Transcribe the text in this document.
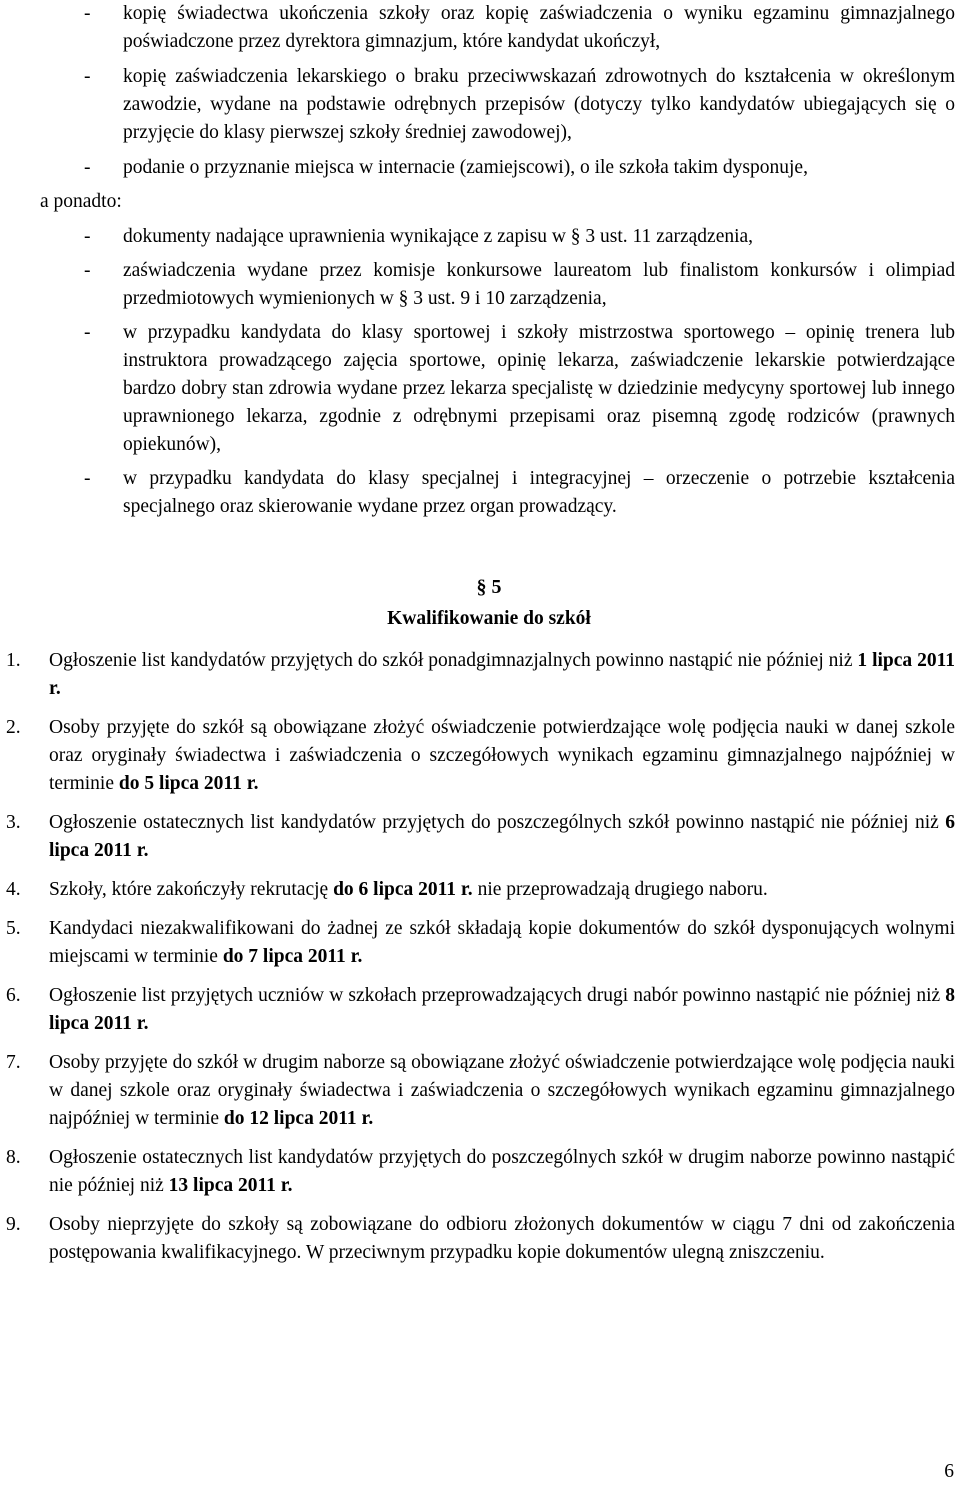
- kopię świadectwa ukończenia szkoły oraz kopię zaświadczenia o wyniku egzaminu gimnazjalnego poświadczone przez dyrektora gimnazjum, które kandydat ukończył,
- kopię zaświadczenia lekarskiego o braku przeciwwskazań zdrowotnych do kształcenia w określonym zawodzie, wydane na podstawie odrębnych przepisów (dotyczy tylko kandydatów ubiegających się o przyjęcie do klasy pierwszej szkoły średniej zawodowej),
- podanie o przyznanie miejsca w internacie (zamiejscowi), o ile szkoła takim dysponuje,
a ponadto:
- dokumenty nadające uprawnienia wynikające z zapisu w § 3 ust. 11 zarządzenia,
- zaświadczenia wydane przez komisje konkursowe laureatom lub finalistom konkursów i olimpiad przedmiotowych wymienionych w § 3 ust. 9 i 10 zarządzenia,
- w przypadku kandydata do klasy sportowej i szkoły mistrzostwa sportowego – opinię trenera lub instruktora prowadzącego zajęcia sportowe, opinię lekarza, zaświadczenie lekarskie potwierdzające bardzo dobry stan zdrowia wydane przez lekarza specjalistę w dziedzinie medycyny sportowej lub innego uprawnionego lekarza, zgodnie z odrębnymi przepisami oraz pisemną zgodę rodziców (prawnych opiekunów),
- w przypadku kandydata do klasy specjalnej i integracyjnej – orzeczenie o potrzebie kształcenia specjalnego oraz skierowanie wydane przez organ prowadzący.
§ 5
Kwalifikowanie do szkół
1. Ogłoszenie list kandydatów przyjętych do szkół ponadgimnazjalnych powinno nastąpić nie później niż 1 lipca 2011 r.
2. Osoby przyjęte do szkół są obowiązane złożyć oświadczenie potwierdzające wolę podjęcia nauki w danej szkole oraz oryginały świadectwa i zaświadczenia o szczegółowych wynikach egzaminu gimnazjalnego najpóźniej w terminie do 5 lipca 2011 r.
3. Ogłoszenie ostatecznych list kandydatów przyjętych do poszczególnych szkół powinno nastąpić nie później niż 6 lipca 2011 r.
4. Szkoły, które zakończyły rekrutację do 6 lipca 2011 r. nie przeprowadzają drugiego naboru.
5. Kandydaci niezakwalifikowani do żadnej ze szkół składają kopie dokumentów do szkół dysponujących wolnymi miejscami w terminie do 7 lipca 2011 r.
6. Ogłoszenie list przyjętych uczniów w szkołach przeprowadzających drugi nabór powinno nastąpić nie później niż 8 lipca 2011 r.
7. Osoby przyjęte do szkół w drugim naborze są obowiązane złożyć oświadczenie potwierdzające wolę podjęcia nauki w danej szkole oraz oryginały świadectwa i zaświadczenia o szczegółowych wynikach egzaminu gimnazjalnego najpóźniej w terminie do 12 lipca 2011 r.
8. Ogłoszenie ostatecznych list kandydatów przyjętych do poszczególnych szkół w drugim naborze powinno nastąpić nie później niż 13 lipca 2011 r.
9. Osoby nieprzyjęte do szkoły są zobowiązane do odbioru złożonych dokumentów w ciągu 7 dni od zakończenia postępowania kwalifikacyjnego. W przeciwnym przypadku kopie dokumentów ulegną zniszczeniu.
6
